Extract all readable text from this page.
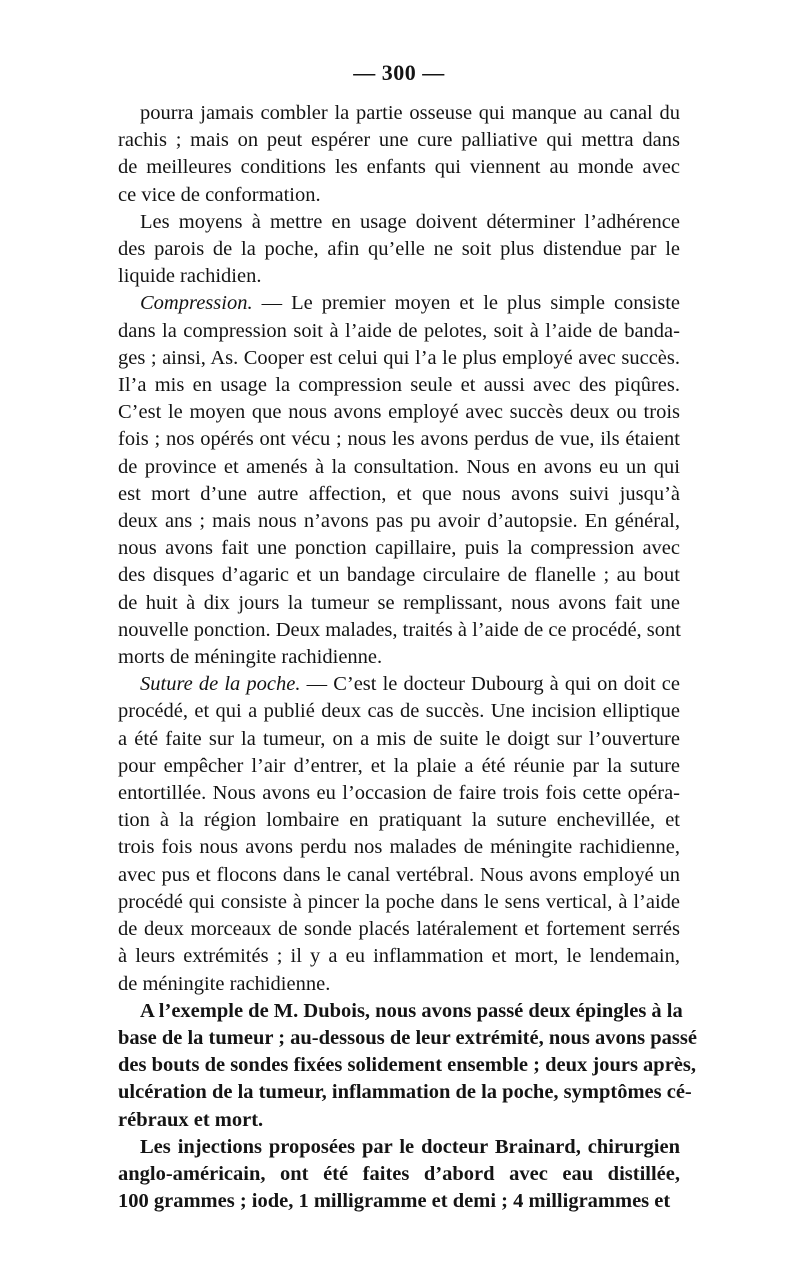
— 300 —

pourra jamais combler la partie osseuse qui manque au canal du
rachis ; mais on peut espérer une cure palliative qui mettra dans
de meilleures conditions les enfants qui viennent au monde avec
ce vice de conformation.

Les moyens à mettre en usage doivent déterminer l’adhérence
des parois de la poche, afin qu’elle ne soit plus distendue par le
liquide rachidien.

Compression. — Le premier moyen et le plus simple consiste
dans la compression soit à l’aide de pelotes, soit à l’aide de banda-
ges ; ainsi, As. Cooper est celui qui l’a le plus employé avec succès.
Il’a mis en usage la compression seule et aussi avec des piqûres.
C’est le moyen que nous avons employé avec succès deux ou trois
fois ; nos opérés ont vécu ; nous les avons perdus de vue, ils étaient
de province et amenés à la consultation. Nous en avons eu un qui
est mort d’une autre affection, et que nous avons suivi jusqu’à
deux ans ; mais nous n’avons pas pu avoir d’autopsie. En général,
nous avons fait une ponction capillaire, puis la compression avec
des disques d’agaric et un bandage circulaire de flanelle ; au bout
de huit à dix jours la tumeur se remplissant, nous avons fait une
nouvelle ponction. Deux malades, traités à l’aide de ce procédé, sont
morts de méningite rachidienne.

Suture de la poche. — C’est le docteur Dubourg à qui on doit ce
procédé, et qui a publié deux cas de succès. Une incision elliptique
a été faite sur la tumeur, on a mis de suite le doigt sur l’ouverture
pour empêcher l’air d’entrer, et la plaie a été réunie par la suture
entortillée. Nous avons eu l’occasion de faire trois fois cette opéra-
tion à la région lombaire en pratiquant la suture enchevillée, et
trois fois nous avons perdu nos malades de méningite rachidienne,
avec pus et flocons dans le canal vertébral. Nous avons employé un
procédé qui consiste à pincer la poche dans le sens vertical, à l’aide
de deux morceaux de sonde placés latéralement et fortement serrés
à leurs extrémités ; il y a eu inflammation et mort, le lendemain,
de méningite rachidienne.

A l’exemple de M. Dubois, nous avons passé deux épingles à la
base de la tumeur ; au-dessous de leur extrémité, nous avons passé
des bouts de sondes fixées solidement ensemble ; deux jours après,
ulcération de la tumeur, inflammation de la poche, symptômes cé-
rébraux et mort.

Les injections proposées par le docteur Brainard, chirurgien
anglo-américain, ont été faites d’abord avec eau distillée,
100 grammes ; iode, 1 milligramme et demi ; 4 milligrammes et
